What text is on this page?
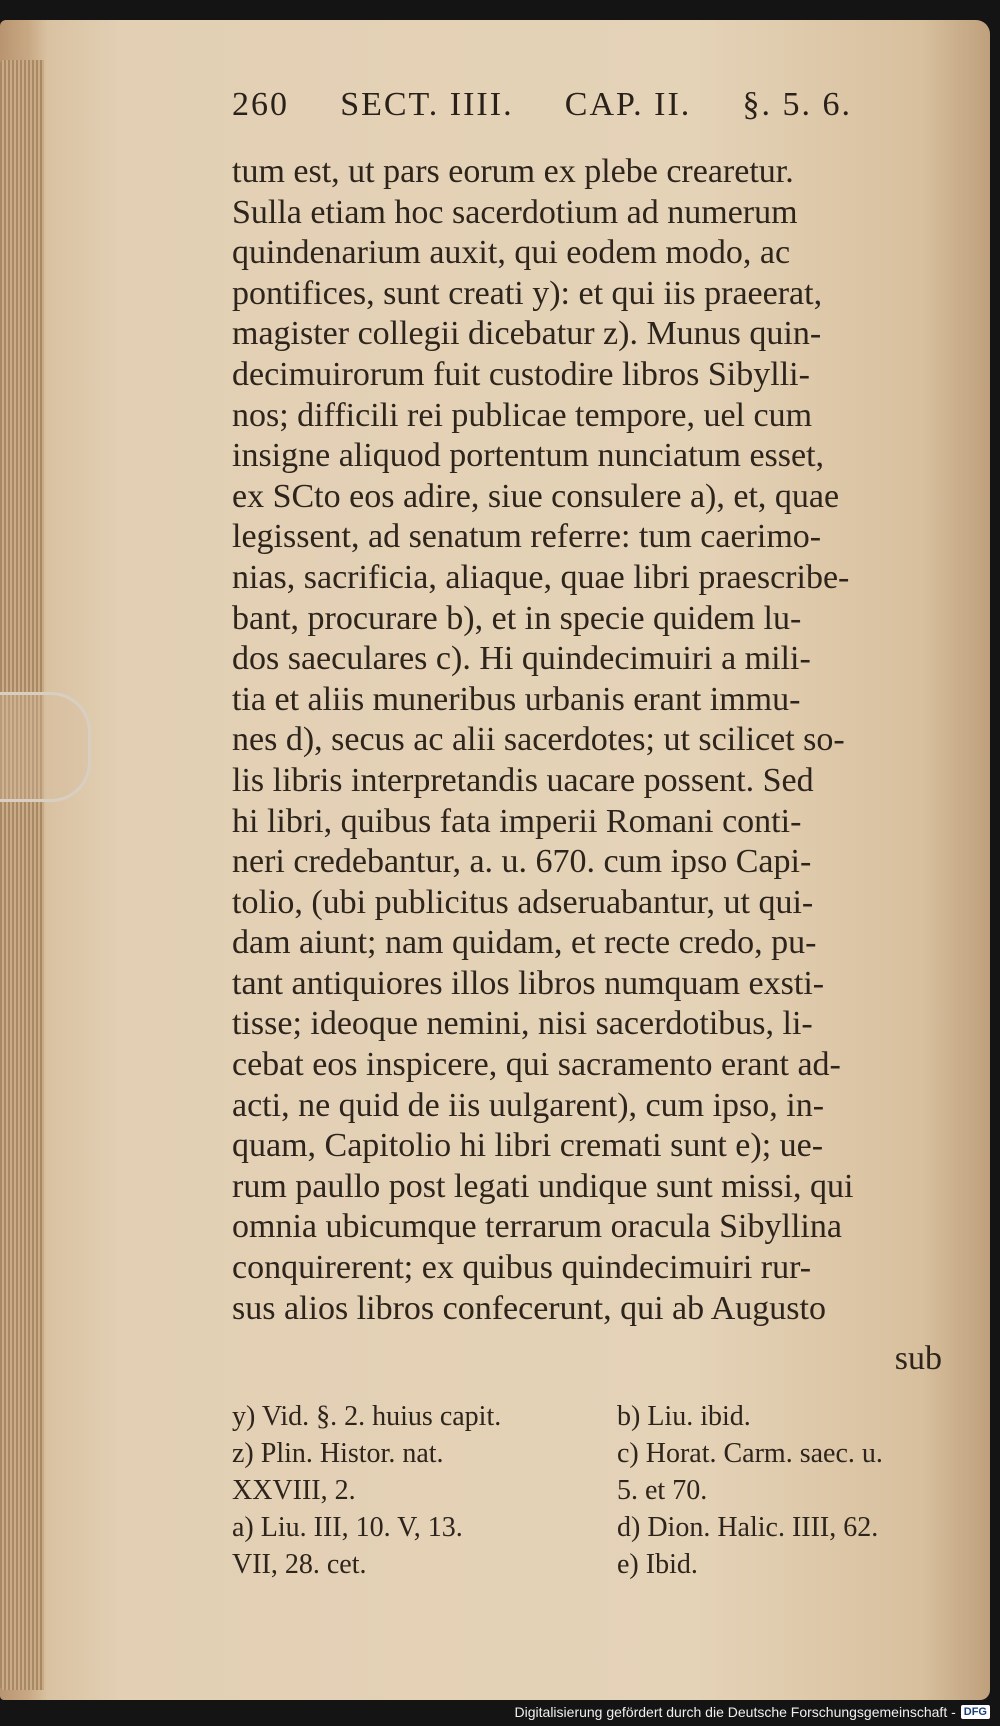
260 SECT. IIII. CAP. II. §. 5. 6.
tum est, ut pars eorum ex plebe crearetur.
Sulla etiam hoc sacerdotium ad numerum
quindenarium auxit, qui eodem modo, ac
pontifices, sunt creati y): et qui iis praeerat,
magister collegii dicebatur z). Munus quin-
decimuirorum fuit custodire libros Sibylli-
nos; difficili rei publicae tempore, uel cum
insigne aliquod portentum nunciatum esset,
ex SCto eos adire, siue consulere a), et, quae
legissent, ad senatum referre: tum caerimo-
nias, sacrificia, aliaque, quae libri praescribe-
bant, procurare b), et in specie quidem lu-
dos saeculares c). Hi quindecimuiri a mili-
tia et aliis muneribus urbanis erant immu-
nes d), secus ac alii sacerdotes; ut scilicet so-
lis libris interpretandis uacare possent. Sed
hi libri, quibus fata imperii Romani conti-
neri credebantur, a. u. 670. cum ipso Capi-
tolio, (ubi publicitus adseruabantur, ut qui-
dam aiunt; nam quidam, et recte credo, pu-
tant antiquiores illos libros numquam exsti-
tisse; ideoque nemini, nisi sacerdotibus, li-
cebat eos inspicere, qui sacramento erant ad-
acti, ne quid de iis uulgarent), cum ipso, in-
quam, Capitolio hi libri cremati sunt e); ue-
rum paullo post legati undique sunt missi, qui
omnia ubicumque terrarum oracula Sibyllina
conquirerent; ex quibus quindecimuiri rur-
sus alios libros confecerunt, qui ab Augusto
sub
y) Vid. §. 2. huius capit.
z) Plin. Histor. nat.
XXVIII, 2.
a) Liu. III, 10. V, 13.
VII, 28. cet.
b) Liu. ibid.
c) Horat. Carm. saec. u.
5. et 70.
d) Dion. Halic. IIII, 62.
e) Ibid.
Digitalisierung gefördert durch die Deutsche Forschungsgemeinschaft - DFG
